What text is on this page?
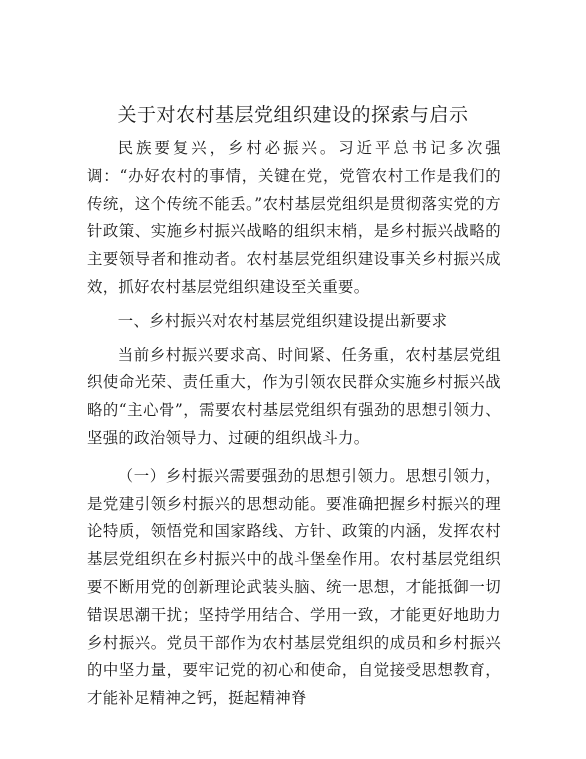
关于对农村基层党组织建设的探索与启示

民族要复兴，乡村必振兴。习近平总书记多次强调：“办好农村的事情，关键在党，党管农村工作是我们的传统，这个传统不能丢。”农村基层党组织是贯彻落实党的方针政策、实施乡村振兴战略的组织末梢，是乡村振兴战略的主要领导者和推动者。农村基层党组织建设事关乡村振兴成效，抓好农村基层党组织建设至关重要。

一、乡村振兴对农村基层党组织建设提出新要求

当前乡村振兴要求高、时间紧、任务重，农村基层党组织使命光荣、责任重大，作为引领农民群众实施乡村振兴战略的“主心骨”，需要农村基层党组织有强劲的思想引领力、坚强的政治领导力、过硬的组织战斗力。

（一）乡村振兴需要强劲的思想引领力。思想引领力，是党建引领乡村振兴的思想动能。要准确把握乡村振兴的理论特质，领悟党和国家路线、方针、政策的内涵，发挥农村基层党组织在乡村振兴中的战斗堡垒作用。农村基层党组织要不断用党的创新理论武装头脑、统一思想，才能抵御一切错误思潮干扰；坚持学用结合、学用一致，才能更好地助力乡村振兴。党员干部作为农村基层党组织的成员和乡村振兴的中坚力量，要牢记党的初心和使命，自觉接受思想教育，才能补足精神之钙，挺起精神脊
